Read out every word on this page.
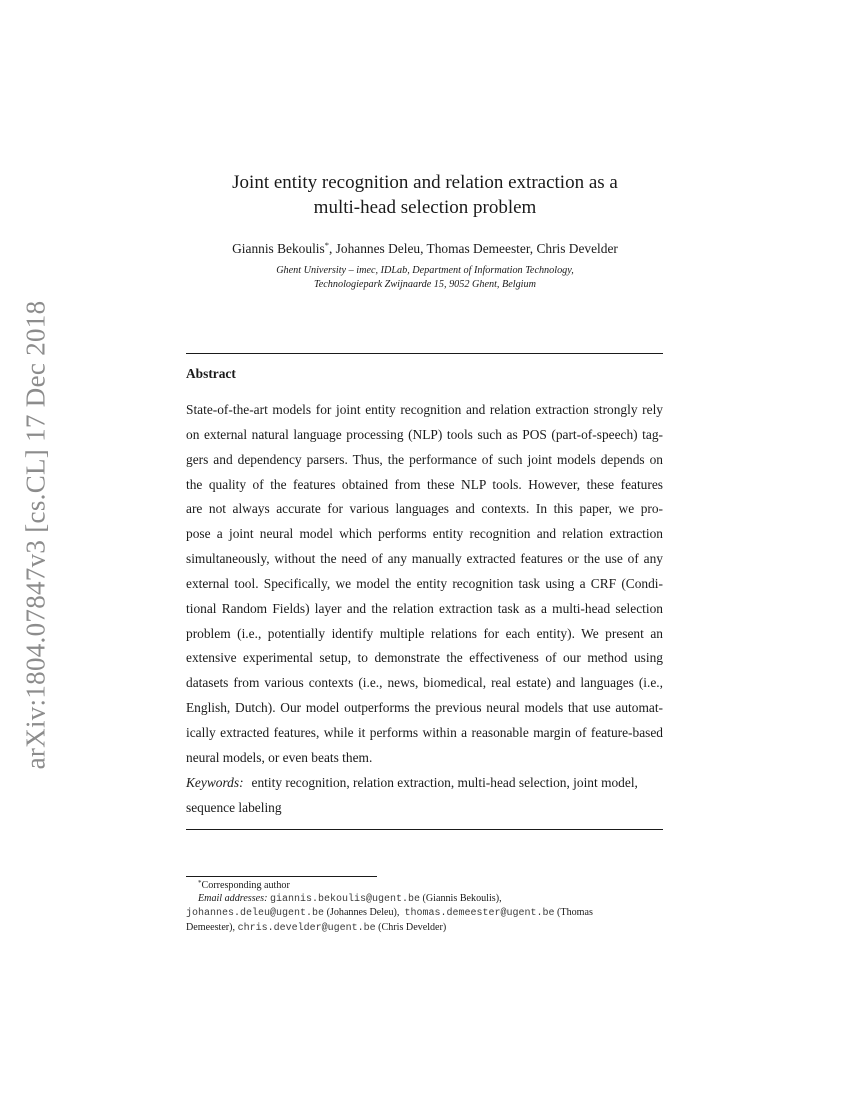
arXiv:1804.07847v3 [cs.CL] 17 Dec 2018
Joint entity recognition and relation extraction as a
multi-head selection problem
Giannis Bekoulis*, Johannes Deleu, Thomas Demeester, Chris Develder
Ghent University – imec, IDLab, Department of Information Technology,
Technologiepark Zwijnaarde 15, 9052 Ghent, Belgium
Abstract
State-of-the-art models for joint entity recognition and relation extraction strongly rely
on external natural language processing (NLP) tools such as POS (part-of-speech) tag-
gers and dependency parsers. Thus, the performance of such joint models depends on
the quality of the features obtained from these NLP tools. However, these features
are not always accurate for various languages and contexts. In this paper, we pro-
pose a joint neural model which performs entity recognition and relation extraction
simultaneously, without the need of any manually extracted features or the use of any
external tool. Specifically, we model the entity recognition task using a CRF (Condi-
tional Random Fields) layer and the relation extraction task as a multi-head selection
problem (i.e., potentially identify multiple relations for each entity). We present an
extensive experimental setup, to demonstrate the effectiveness of our method using
datasets from various contexts (i.e., news, biomedical, real estate) and languages (i.e.,
English, Dutch). Our model outperforms the previous neural models that use automat-
ically extracted features, while it performs within a reasonable margin of feature-based
neural models, or even beats them.
Keywords: entity recognition, relation extraction, multi-head selection, joint model,
sequence labeling
*Corresponding author
Email addresses: giannis.bekoulis@ugent.be (Giannis Bekoulis),
johannes.deleu@ugent.be (Johannes Deleu), thomas.demeester@ugent.be (Thomas
Demeester), chris.develder@ugent.be (Chris Develder)
